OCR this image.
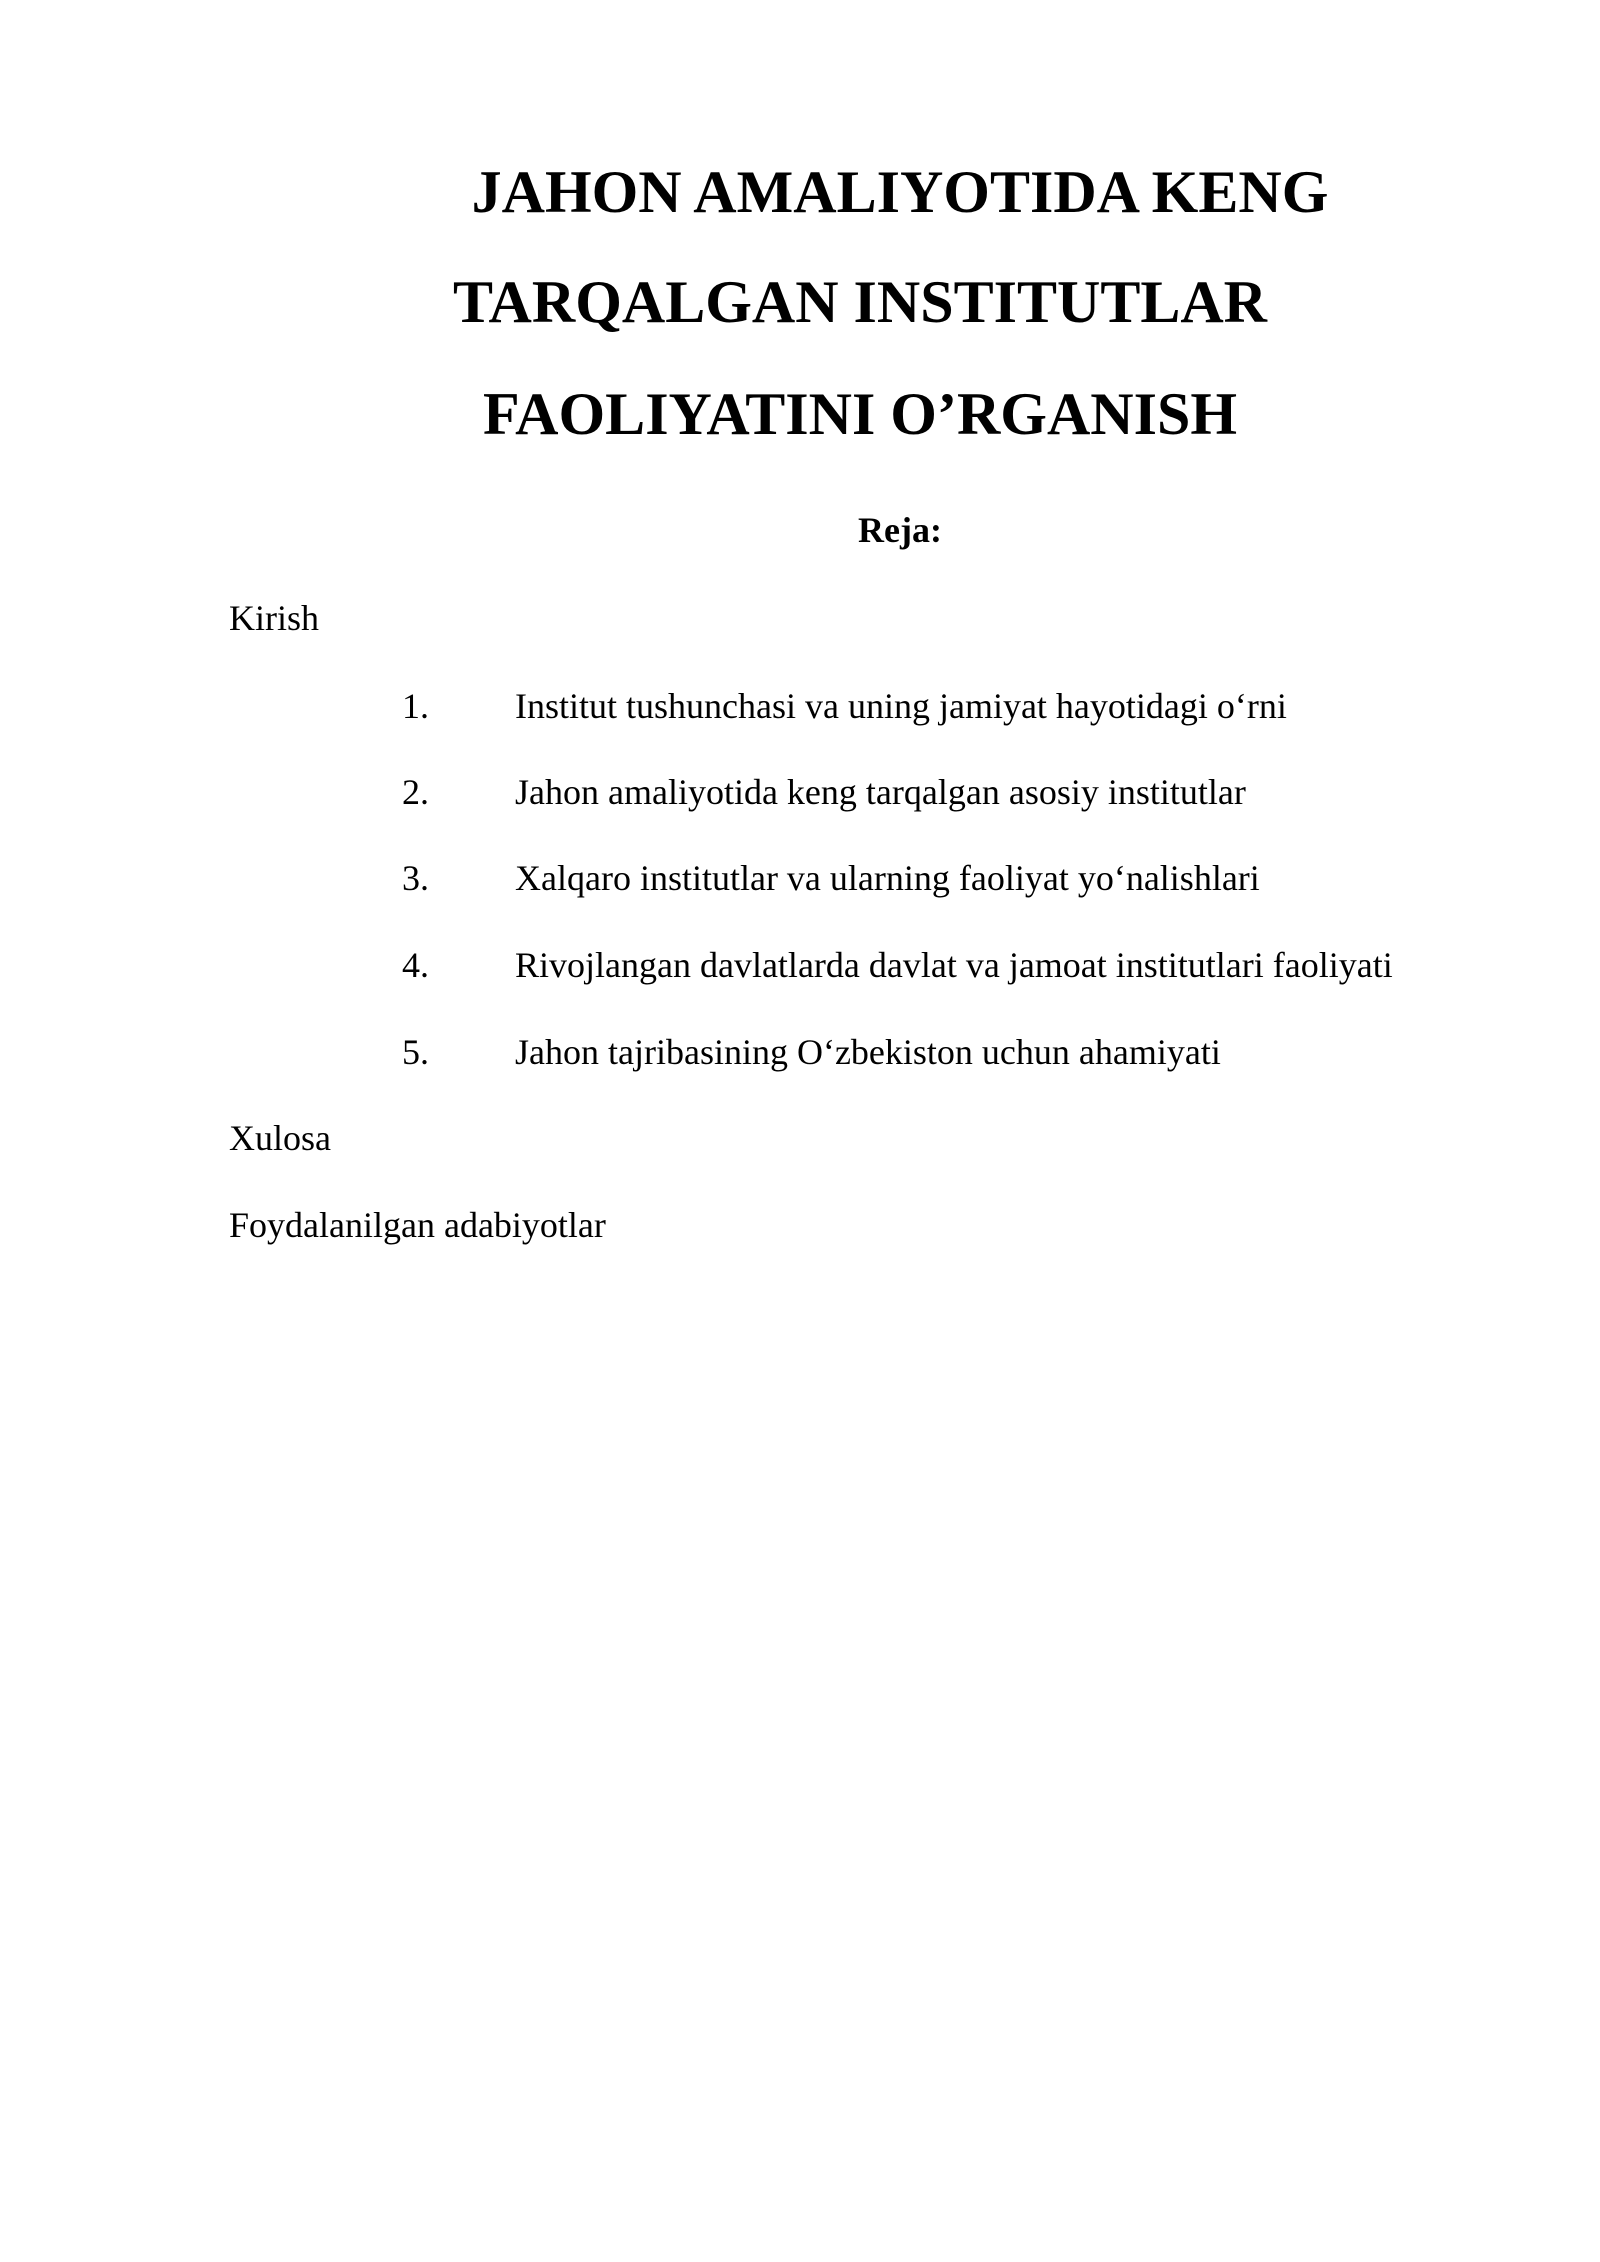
JAHON AMALIYOTIDA KENG
TARQALGAN INSTITUTLAR
FAOLIYATINI O’RGANISH
Reja:
Kirish
1. Institut tushunchasi va uning jamiyat hayotidagi o‘rni
2. Jahon amaliyotida keng tarqalgan asosiy institutlar
3. Xalqaro institutlar va ularning faoliyat yo‘nalishlari
4. Rivojlangan davlatlarda davlat va jamoat institutlari faoliyati
5. Jahon tajribasining O‘zbekiston uchun ahamiyati
Xulosa
Foydalanilgan adabiyotlar
